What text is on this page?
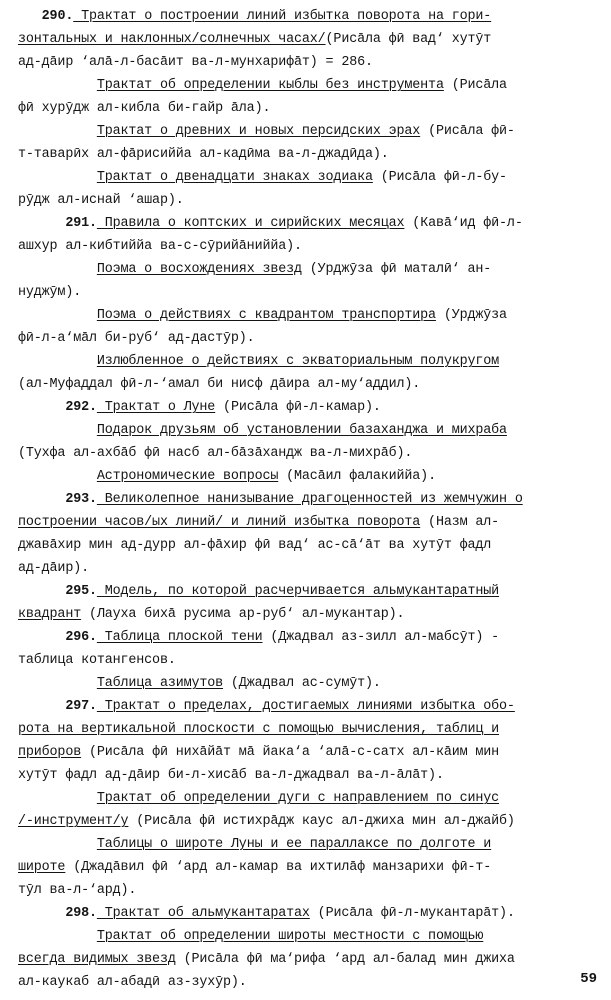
290. Трактат о построении линий избытка поворота на гори-
зонтальных и наклонных/солнечных часах/(Рисāла фӣ вад‘ хутӯт
ад-дāир ‘алā-л-басāит ва-л-мунхарифāт) = 286.
Трактат об определении кыблы без инструмента (Рисāла
фӣ хурӯдж ал-кибла би-гайр āла).
Трактат о древних и новых персидских эрах (Рисāла фӣ-
т-таварӣх ал-фāрисиййа ал-кадӣма ва-л-джадӣда).
Трактат о двенадцати знаках зодиака (Рисāла фӣ-л-бу-
рӯдж ал-иснай ‘ашар).
291. Правила о коптских и сирийских месяцах (Кавā‘ид фӣ-л-
ашхур ал-кибтиййа ва-с-сӯрийāниййа).
Поэма о восхождениях звезд (Урджӯза фӣ маталӣ‘ ан-
нуджӯм).
Поэма о действиях с квадрантом транспортира (Урджӯза
фӣ-л-а‘мāл би-руб‘ ад-дастӯр).
Излюбленное о действиях с экваториальным полукругом
(ал-Муфаддал фӣ-л-‘амал би нисф дāира ал-му‘аддил).
292. Трактат о Луне (Рисāла фӣ-л-камар).
Подарок друзьям об установлении базаханджа и михраба
(Тухфа ал-ахбāб фӣ насб ал-бāзāхандж ва-л-михрāб).
Астрономические вопросы (Масāил фалакиййа).
293. Великолепное нанизывание драгоценностей из жемчужин о
построении часов/ых линий/ и линий избытка поворота (Назм ал-
джавāхир мин ад-дурр ал-фāхир фӣ вад‘ ас-сā‘āт ва хутӯт фадл
ад-дāир).
295. Модель, по которой расчерчивается альмукантаратный
квадрант (Лауха бихā русима ар-руб‘ ал-мукантар).
296. Таблица плоской тени (Джадвал аз-зилл ал-мабсӯт) -
таблица котангенсов.
Таблица азимутов (Джадвал ас-сумӯт).
297. Трактат о пределах, достигаемых линиями избытка обо-
рота на вертикальной плоскости с помощью вычисления, таблиц и
приборов (Рисāла фӣ нихāйāт мā йака‘а ‘алā-с-сатх ал-кāим мин
хутӯт фадл ад-дāир би-л-хисāб ва-л-джадвал ва-л-āлāт).
Трактат об определении дуги с направлением по синус
/-инструмент/у (Рисāла фӣ истихрāдж каус ал-джиха мин ал-джайб)
Таблицы о широте Луны и ее параллаксе по долготе и
широте (Джадāвил фӣ ‘ард ал-камар ва ихтилāф манзарихи фӣ-т-
тӯл ва-л-‘ард).
298. Трактат об альмукантаратах (Рисāла фӣ-л-мукантарāт).
Трактат об определении широты местности с помощью
всегда видимых звезд (Рисāла фӣ ма‘рифа ‘ард ал-балад мин джиха
ал-каукаб ал-абадӣ аз-зухӯр).	59
